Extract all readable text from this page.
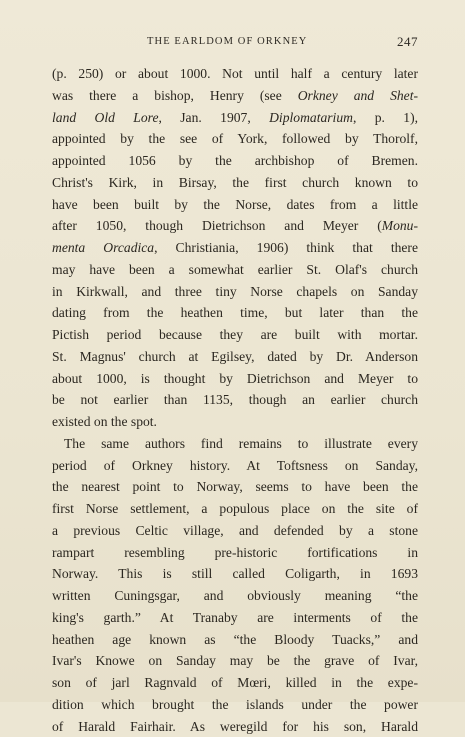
THE EARLDOM OF ORKNEY	247
(p. 250) or about 1000. Not until half a century later
was there a bishop, Henry (see Orkney and Shet-
land Old Lore, Jan. 1907, Diplomatarium, p. 1),
appointed by the see of York, followed by Thorolf,
appointed 1056 by the archbishop of Bremen.
Christ's Kirk, in Birsay, the first church known to
have been built by the Norse, dates from a little
after 1050, though Dietrichson and Meyer (Monu-
menta Orcadica, Christiania, 1906) think that there
may have been a somewhat earlier St. Olaf's church
in Kirkwall, and three tiny Norse chapels on Sanday
dating from the heathen time, but later than the
Pictish period because they are built with mortar.
St. Magnus' church at Egilsey, dated by Dr. Anderson
about 1000, is thought by Dietrichson and Meyer to
be not earlier than 1135, though an earlier church
existed on the spot.
The same authors find remains to illustrate every
period of Orkney history. At Toftsness on Sanday,
the nearest point to Norway, seems to have been the
first Norse settlement, a populous place on the site of
a previous Celtic village, and defended by a stone
rampart resembling pre-historic fortifications in
Norway. This is still called Coligarth, in 1693
written Cuningsgar, and obviously meaning “the
king's garth.” At Tranaby are interments of the
heathen age known as “the Bloody Tuacks,” and
Ivar's Knowe on Sanday may be the grave of Ivar,
son of jarl Ragnvald of Mœri, killed in the expe-
dition which brought the islands under the power
of Harald Fairhair. As weregild for his son, Harald
